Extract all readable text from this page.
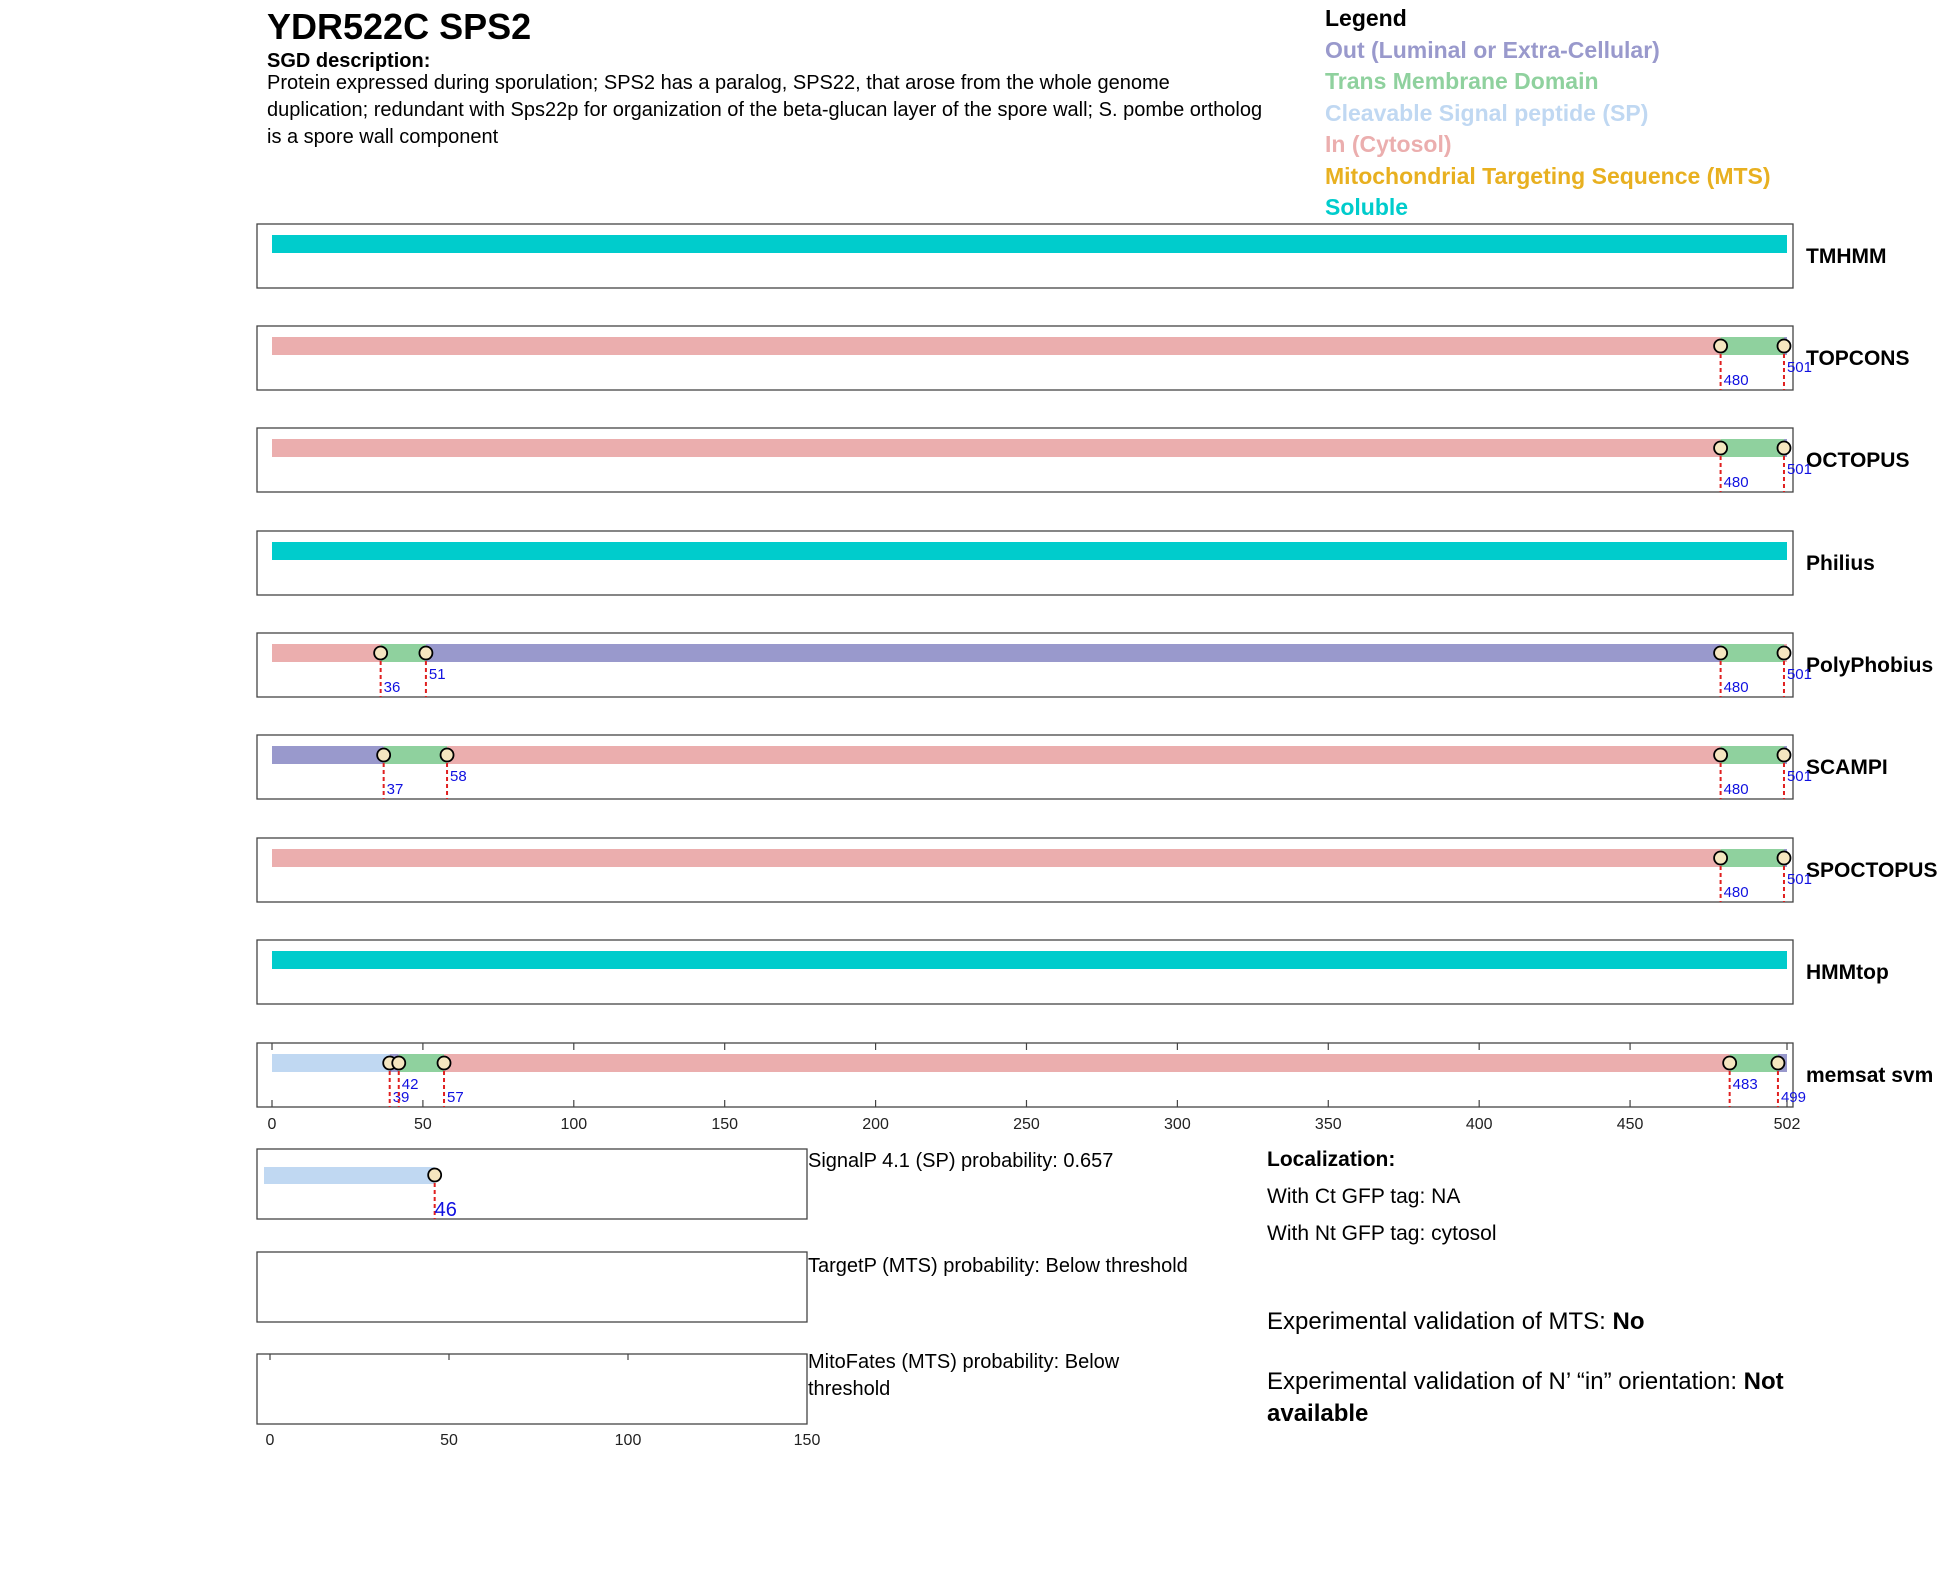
TMHMM
TOPCONS
480
501
OCTOPUS
480
501
Philius
PolyPhobius
36
51
480
501
SCAMPI
37
58
480
501
SPOCTOPUS
480
501
HMMtop
memsat svm
39
42
57
483
499
0	50	100	150	200	250	300	350	400	450	502
46
0	50	100	150
YDR522C SPS2
SGD description:
Protein expressed during sporulation; SPS2 has a paralog, SPS22, that arose from the whole genome duplication; redundant with Sps22p for organization of the beta-glucan layer of the spore wall; S. pombe ortholog is a spore wall component
Legend
Out (Luminal or Extra-Cellular)
Trans Membrane Domain
Cleavable Signal peptide (SP)
In (Cytosol)
Mitochondrial Targeting Sequence (MTS)
Soluble
SignalP 4.1 (SP) probability: 0.657
TargetP (MTS) probability: Below threshold
MitoFates (MTS) probability: Below threshold
Localization:
With Ct GFP tag: NA
With Nt GFP tag: cytosol
Experimental validation of MTS: No
Experimental validation of N’ “in” orientation: Not available
